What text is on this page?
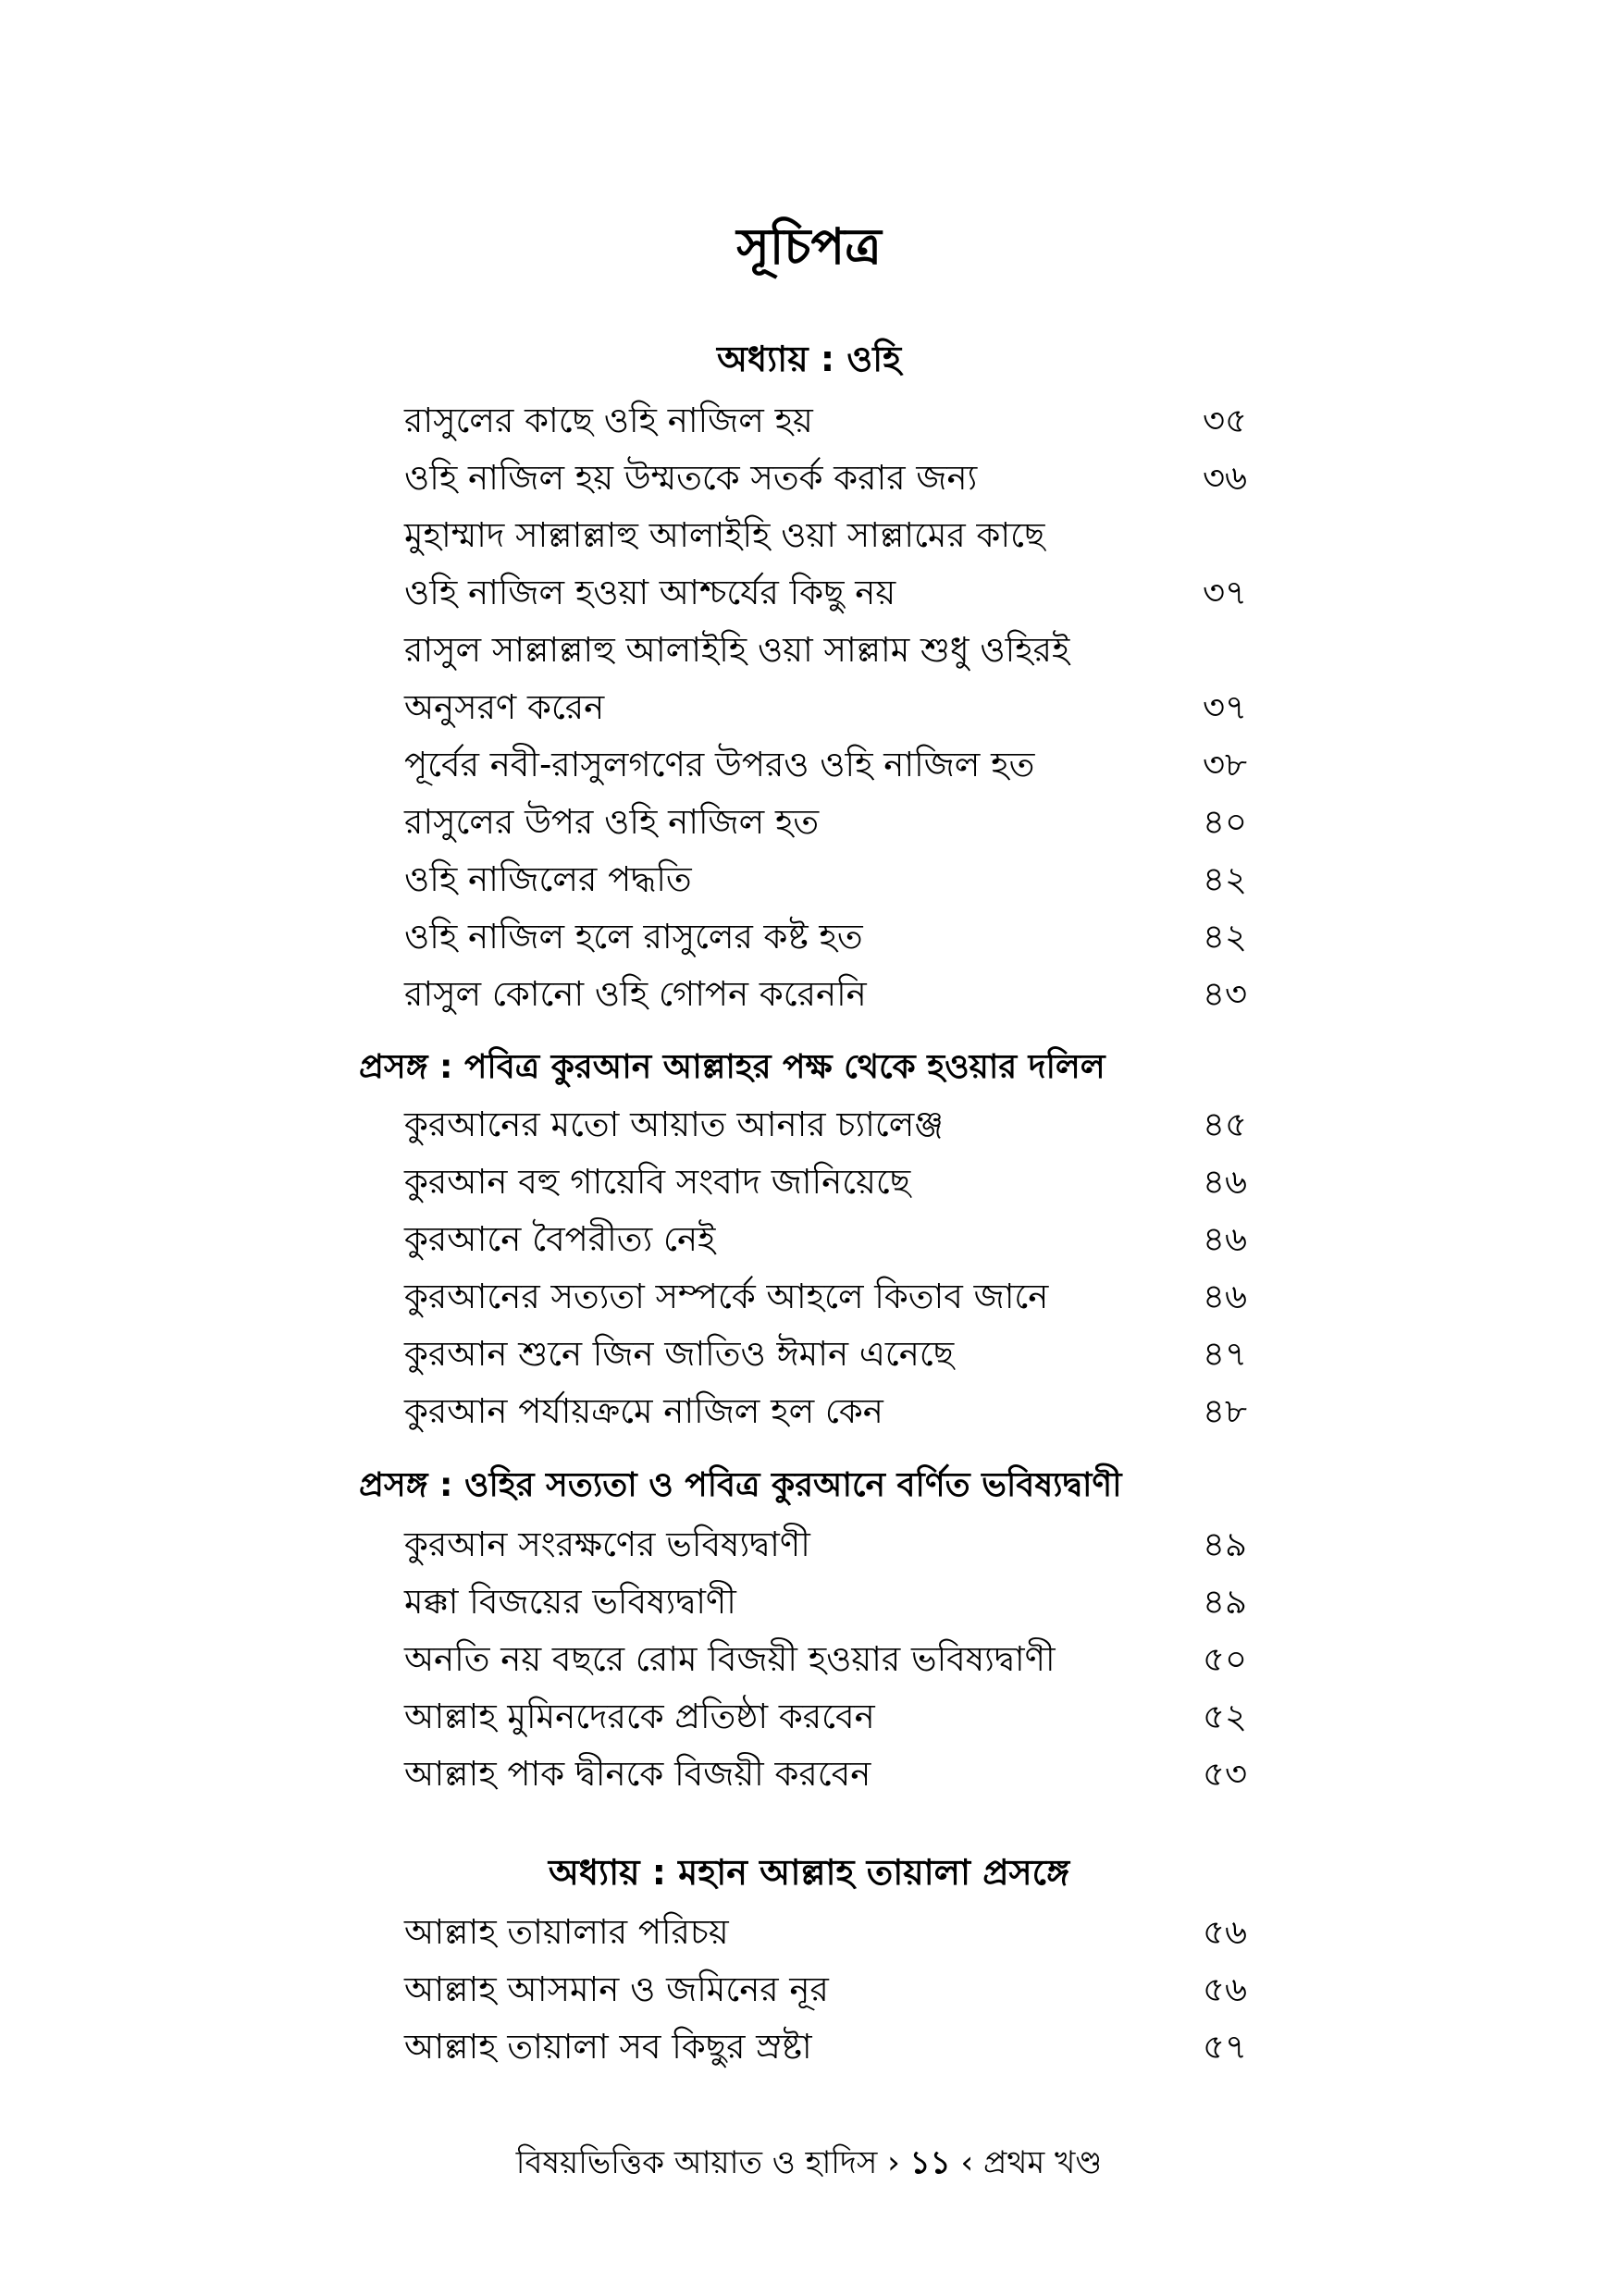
সূচিপত্র
অধ্যায় : ওহি
রাসুলের কাছে ওহি নাজিল হয়	৩৫
ওহি নাজিল হয় উম্মতকে সতর্ক করার জন্য	৩৬
মুহাম্মাদ সাল্লাল্লাহু আলাইহি ওয়া সাল্লামের কাছে
ওহি নাজিল হওয়া আশ্চর্যের কিছু নয়	৩৭
রাসুল সাল্লাল্লাহু আলাইহি ওয়া সাল্লাম শুধু ওহিরই
অনুসরণ করেন	৩৭
পূর্বের নবী-রাসুলগণের উপরও ওহি নাজিল হত	৩৮
রাসুলের উপর ওহি নাজিল হত	৪০
ওহি নাজিলের পদ্ধতি	৪২
ওহি নাজিল হলে রাসুলের কষ্ট হত	৪২
রাসুল কোনো ওহি গোপন করেননি	৪৩
প্রসঙ্গ : পবিত্র কুরআন আল্লাহর পক্ষ থেকে হওয়ার দলিল
কুরআনের মতো আয়াত আনার চ্যালেঞ্জ	৪৫
কুরআন বহু গায়েবি সংবাদ জানিয়েছে	৪৬
কুরআনে বৈপরীত্য নেই	৪৬
কুরআনের সত্যতা সম্পর্কে আহলে কিতাব জানে	৪৬
কুরআন শুনে জিন জাতিও ঈমান এনেছে	৪৭
কুরআন পর্যায়ক্রমে নাজিল হল কেন	৪৮
প্রসঙ্গ : ওহির সত্যতা ও পবিত্র কুরআনে বর্ণিত ভবিষ্যদ্বাণী
কুরআন সংরক্ষণের ভবিষ্যদ্বাণী	৪৯
মক্কা বিজয়ের ভবিষ্যদ্বাণী	৪৯
অনতি নয় বছরে রোম বিজয়ী হওয়ার ভবিষ্যদ্বাণী	৫০
আল্লাহ মুমিনদেরকে প্রতিষ্ঠা করবেন	৫২
আল্লাহ পাক দ্বীনকে বিজয়ী করবেন	৫৩
অধ্যায় : মহান আল্লাহ তায়ালা প্রসঙ্গে
আল্লাহ তায়ালার পরিচয়	৫৬
আল্লাহ আসমান ও জমিনের নূর	৫৬
আল্লাহ তায়ালা সব কিছুর স্রষ্টা	৫৭
বিষয়ভিত্তিক আয়াত ও হাদিস › ১১ ‹ প্রথম খণ্ড
